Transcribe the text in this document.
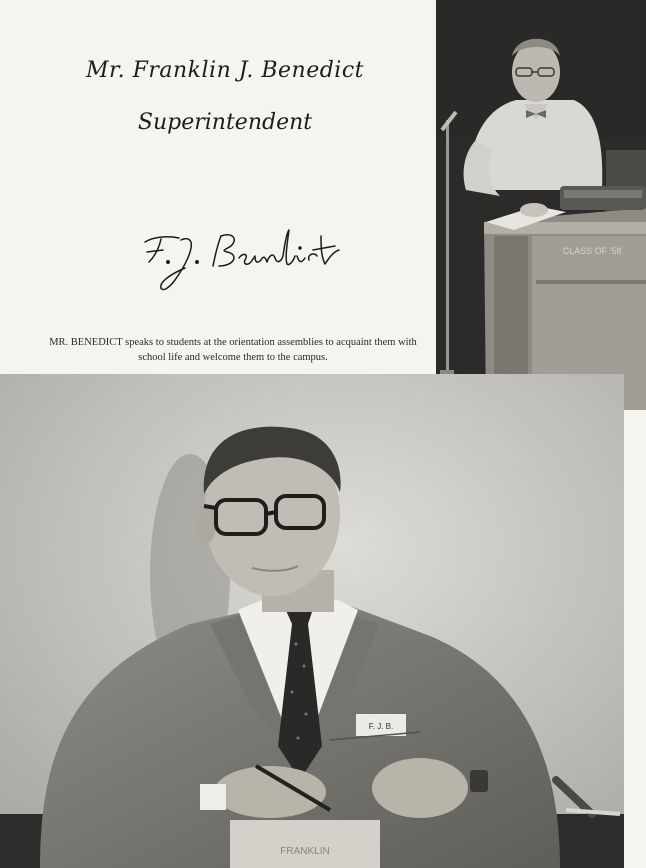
Mr. Franklin J. Benedict
Superintendent
MR. BENEDICT speaks to students at the orientation assemblies to acquaint them with school life and welcome them to the campus.
CLASS OF '58
F. J. B.
FRANKLIN
